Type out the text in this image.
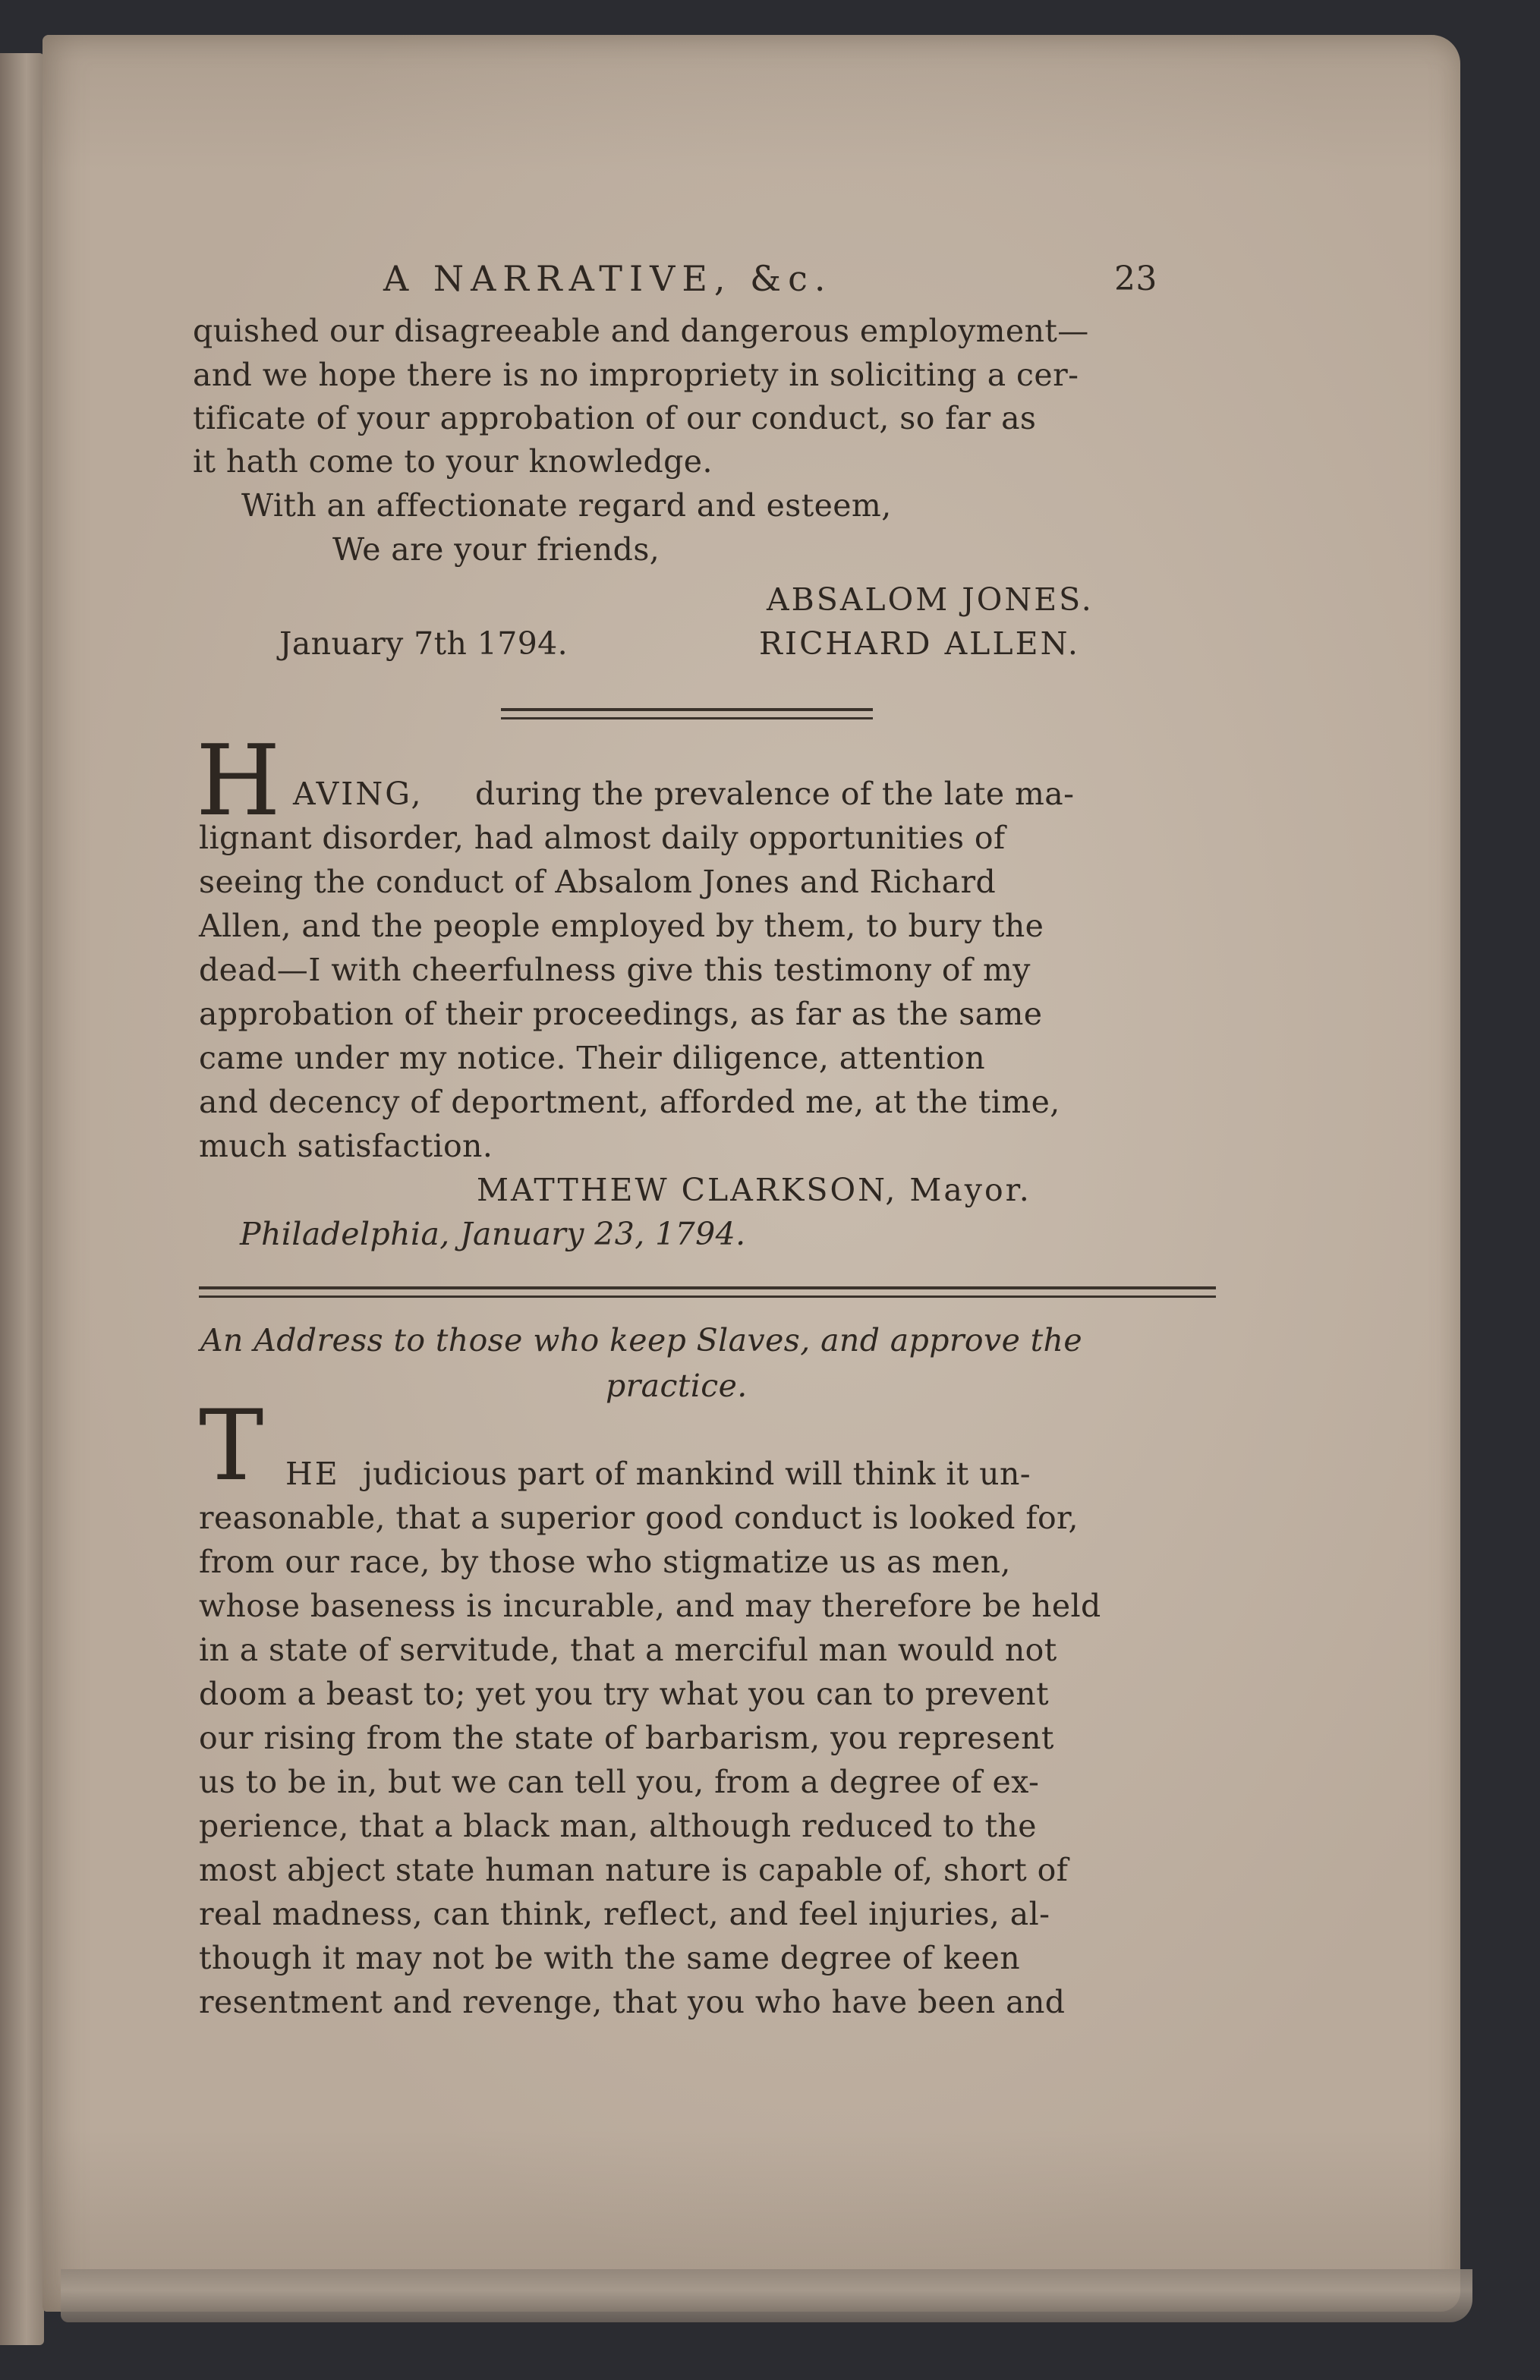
A NARRATIVE, &c.	23
quished our disagreeable and dangerous employment—
and we hope there is no impropriety in soliciting a cer-
tificate of your approbation of our conduct, so far as
it hath come to your knowledge.
With an affectionate regard and esteem,
We are your friends,
ABSALOM JONES.
January 7th 1794.	RICHARD ALLEN.
H AVING, during the prevalence of the late ma-
lignant disorder, had almost daily opportunities of
seeing the conduct of Absalom Jones and Richard
Allen, and the people employed by them, to bury the
dead—I with cheerfulness give this testimony of my
approbation of their proceedings, as far as the same
came under my notice. Their diligence, attention
and decency of deportment, afforded me, at the time,
much satisfaction.
MATTHEW CLARKSON, Mayor.
Philadelphia, January 23, 1794.
An Address to those who keep Slaves, and approve the
practice.
T HE judicious part of mankind will think it un-
reasonable, that a superior good conduct is looked for,
from our race, by those who stigmatize us as men,
whose baseness is incurable, and may therefore be held
in a state of servitude, that a merciful man would not
doom a beast to; yet you try what you can to prevent
our rising from the state of barbarism, you represent
us to be in, but we can tell you, from a degree of ex-
perience, that a black man, although reduced to the
most abject state human nature is capable of, short of
real madness, can think, reflect, and feel injuries, al-
though it may not be with the same degree of keen
resentment and revenge, that you who have been and
